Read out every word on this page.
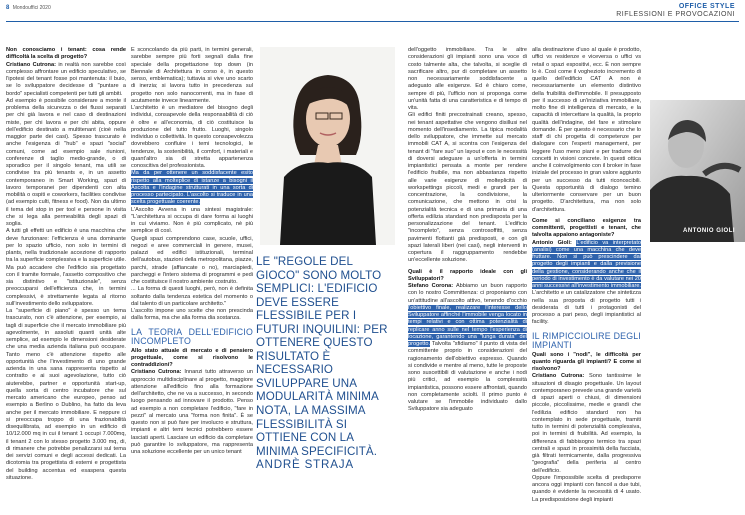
8 Mondouffici 2020	OFFICE STYLE
RIFLESSIONI E PROVOCAZIONI

Non conosciamo i tenant: cosa rende difficoltà la scelta di progetto?

Cristiano Cutrona: in realtà non sarebbe così complesso affrontare un edificio speculativo, se l'ipotesi del tenant fosse poi mantenuta: il buio, se lo sviluppatore decidesse di "puntare a bordo" specialisti competenti per tutti gli ambiti.

Ad esempio è possibile considerare a monte il problema della sicurezza o dei flussi separati per chi già lavora e nel caso di destinazioni miste, per chi lavora e per chi abita, oppure dell'edificio destinato a multitenant (cioè nella maggior parte dei casi). Spesso trascurato è anche l'esigenza di "hub" e spazi "social" comuni, come ad esempio sale riunioni, conferenze di taglio medio-grande, o di sporadico per il singolo tenant, ma utili se condivise tra più tenants e, in un assetto contemporaneo in Smart Working, spazi di lavoro temporanei per dipendenti con alta mobilità o ospiti e coworkers, facilities condivise (ad esempio culti, fitness e food). Non da ultimo il tema del stop in per tool e persone in visita che si lega alla permeabilità degli spazi di soglia.

A tutti gli effetti un edificio è una macchina che deve funzionare: l'efficienza è una dominante per lo spazio ufficio, non solo in termini di plants, nella tradizionale accezione di rapporto tra la superficie complessiva e la superficie utile. Ma può accadere che l'edificio sia progettato con il tramite formale, l'assetto compositivo che sia distintivo e "istituzionale", senza preoccuparsi dell'efficienza che, in termini complessivi, è strettamente legata al ritorno sull'investimento dello sviluppatore.

La "superficie di piano" è spesso un tema trascurato, non c'è attenzione, per esempio, ai tagli di superficie che il mercato immobiliare più agevolmente, in assoluti quanti unità alte semplice, ad esempio le dimensioni desiderate che una media azienda italiana può occupare. Tanto meno c'è attenzione rispetto alle opportunità che l'investimento di uno grande azienda in una sana rappresenta rispetto al contratto e ai suoi agevolazione, tutto ciò aiuterebbe, partner e opportunità start-up, quella sorta di centro incubatore che sul mercato americano che europeo, penso ad esempio a Berlino o Dublino, ha fatto da leva anche per il mercato immobiliare. E neppure ci si preoccupa troppo di una frazionabilità disequilibrata, ad esempio in un edificio di 10/12.000 mq in cui il tenant 1 occupi 7.000mq, il tenant 2 con lo stesso progetto 3.000 mq, di, di rimanere che potrebbe penalizzarsi sul tema dei servizi comuni e degli accessi dedicati. La dicotomia tra progettista di esterni e progettista del building accentua ed esaspera questa situazione.

E sconcolando da più parti, in termini generali, sarebbe sempre più forti segnali dalla fine speciale della progettazione top down (in Biennale di Architettura in corso è, in questo senso, emblematica); tuttavia si vive uno scarto di inerzia; si lavora tutto in precedenza sul progetto non solo nanocorrenti, ma in fase di acutamente invece linearmente.

L'architetto è un mediatore del bisogno degli individui, consapevole della responsabilità di ciò è oltre e all'economia, di ciò costituisce la produzione del tutto frutto. Luoghi, singolo individuo o collettività. In questo consapevolezza dovrebbero confluire i temi tecnologici, le tendenze, la sostenibilità, il comfort, i materiali e quant'altro sia di stretta appartenenza conoscitiva del professionista.

Ma da per ottenere un soddisfacente esito rispetto alla molteplice di istanze a bisogni il Ascolta e l'indagine strutturati in una sorta di processo partecipato. L'ascolto si traduce in una scelta progettuale coerente.

L'Ascolto Avvena in una sintesi magistrale: "L'architettura si occupa di dare forma ai luoghi in cui viviamo. Non è più complicato, nè più semplice di così.

Quegli spazi comprendono case, scuole, uffici, negozi e aree commerciali in genere, musei, palazzi ed edifici istituzionali, terminal dell'autobus, stazioni della metropolitana, piazze, parchi, strade (affiancate o no), marciapiedi, parcheggi e l'intero sistema di programmi e pedi che costituisce il nostro ambiente costruito.

... La forma di questi luoghi, però, non è definita soltanto dalla tendenza estetica del momento o dal talento di un particolare architetto."

L'ascolto impone uno scelte che non prescinda dalla forma, ma che alla forma dia sostanza.

LA TEORIA DELL'EDIFICIO INCOMPLETO

Allo stato attuale di mercato e di pensiero progettuale, come si risolvono le contraddizioni?

Cristiano Cutrona: Innanzi tutto attraverso un approccio multidisciplinare al progetto, maggiore attenzione all'edificio fino alla formazione dell'architetto, che ne va a successo, in secondo luogo pensando ad innovare il prodotto. Penso ad esempio a non completare l'edificio, "fare in pezzi" al mercato una "forma non finita". È se questo non si può fare per involucro e struttura, impianti e altri temi tecnici potrebbero essere lasciati aperti. Lasciare un edificio da completare può garantire lo sviluppatore, ma rappresenta una soluzione eccellente per un unico tenant

LE "REGOLE DEL GIOCO" SONO MOLTO SEMPLICI: L'EDIFICIO DEVE ESSERE FLESSIBILE PER I FUTURI INQUILINI: PER OTTENERE QUESTO RISULTATO È NECESSARIO SVILUPPARE UNA MODULARITÀ MINIMA NOTA, LA MASSIMA FLESSIBILITÀ SI OTTIENE CON LA MINIMA SPECIFICITÀ.
ANDRÈ STRAJA

dell'oggetto immobiliare. Tra le altre considerazioni gli impianti sono una voce di costo talmente alta, che talvolta, si sceglie di sacrificare altro, pur di completare un assetto non necessariamente soddisfacente a adeguato alle esigenze. Ed è chiaro come, sempre di più, l'ufficio non si proponga come un'unità fatta di una caratteristica e di tempo di vita.

Gli edifici finiti precostrainati creano, spesso, nei tenant aspettative che vengono disillusi nel momento dell'insediamento. La tipica modalità dello sviluppatore, che immette sul mercato immobili CAT A, si scontra con l'esigenza del tenant di "fare suo" un layout e con le necessità di doversi adeguare a un'offerta in termini impiantistici pensata a monte per rendere l'edificio fruibile, ma non abbastanza rispetto alle varie esigenze di molteplicità di workspettings piccoli, medi e grandi per la concentrazione, la condivisione, la comunicazione, che mettono in crisi la potenzialità tecnica e di una primaria di una offerta edilizia standard non predisposta per la personalizzazione del tenant. L'edificio "incompleto", senza controsoffitti, senza pavimenti flottanti già predisposti, e con gli spazi laterali liberi (nei casi), negli interventi in copertura il raggruppamento rendebbe un'eccellente soluzione.

Quali è il rapporto ideale con gli Sviluppatori?

Stefano Corona: Abbiamo un buon rapporto con lo nostro Committenza: ci proponiamo con un'attitudine all'ascolto attivo, tenendo d'occhio l'obiettivo finale, realizzare l'interesse dello Sviluppatore affinché l'immobile venga locato in tempi relativi e con ottima potenzialità di replicare anno sulle nel tempo l'esperienza di locazione, garantendo una "lunga durata" del progetto. Talvolta "sfidiamo" il punto di vista del committente proprio in considerazioni del ragionamento dell'obiettivo espresso. Quando si condivide e mentre al meno, tutte le proposte sono suscettibili di valutazione e anche i nodi più critici, ad esempio la complessità impiantistica, possono essere affrontati, quando non completamente sciolti. Il primo punto è valutare se l'immobile individuato dallo Sviluppatore sia adeguato

alla destinazione d'uso al quale è prodotto, uffici vs residenze e viceversa o uffici vs retail o spazi espositivi, ecc. È non sempre lo è. Così come il voghezioto incremento di quello dell'edificio CAT A non è necessariamente un elemento distintivo della fruibilità dell'immobile. Il presupposto per il successo di un'iniziativa immobiliare, molto fine di intelligenza di mercato, e la capacità di intercettare la qualità, la proprio qualità dell'indagine, del fare e stimolare domande. È per questo è necessario che lo staff di chi progetta di competenze per dialogare con l'esperti management, per leggere l'uso meno piani e per tradurre dei concetti in visioni concrete. In questi ottica anche il coinvolgimento con il broker in fase iniziale del processo in gran valore aggiunto per un successo da tutti riconoscibili. Questa opportunità di dialogo temino ulteriormente conservare per un buon progetto. D'architettura, ma non solo d'architettura.

Come si conciliano esigenze tra committenti, progettisti e tenant, che talvolta appaiono antagoniste?

Antonio Gioli: L'edificio va interpretato (analisi) come una macchina che deve fruttare. Non si può prescindere dal progetto degli impianti e dalla previsione della gestione, considerando anche che il periodo di investimento è da valutare nei 20 anni successivi all'investimento immobiliare. L'architetto e un catalizzatore che sintetizza nella sua proposta di progetto tutti i desiderata di tutti i protagonisti del processo a pari peso, degli impiantistici al facility.

IL RIMPICCIOLIRE DEGLI IMPIANTI

Quali sono i "nodi", le difficoltà per quanto riguarda gli impianti? E come si risolvono?

Cristiano Cutrona: Sono tantissime le situazioni di disagio progettuale. Un layout contemporaneo prevede una grande varietà di spazi aperti o chiusi, di dimensioni piccole, piccolissime, medie e grandi che l'edilizia edificio standard non ha contemplato in sede progettuale, tramiti tutto in termini di potenzialità complessiva, poi in termini di fruibilità. Ad esempio, la differenza di fabbisogno termico tra spazi centrali e spazi in prossimità della facciata, già filtrati termicamente, dalla progressiva "geografia" della periferia al centro dell'edificio.

Oppure l'impossibile scelta di predisporre ancora oggi impianti con fancoil a due tubi, quando è evidente la necessità di 4 usato. La predisposizione degli impianti

ANTONIO GIOLI
